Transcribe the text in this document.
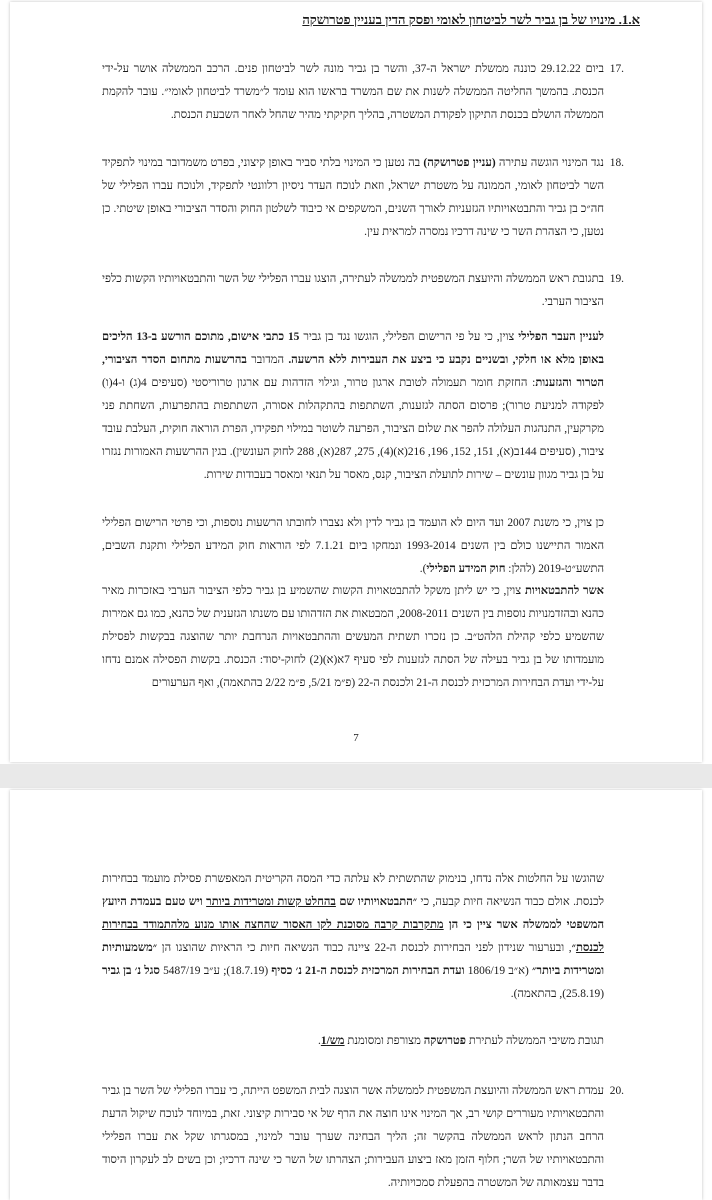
א.1. מינויו של בן גביר לשר לביטחון לאומי ופסק הדין בעניין פטרושקה
.17

ביום 29.12.22 כוננה ממשלת ישראל ה-37, והשר בן גביר מונה לשר לביטחון פנים. הרכב הממשלה אושר על-ידי הכנסת. בהמשך החליטה הממשלה לשנות את שם המשרד בראשו הוא עומד ל״משרד לביטחון לאומי״. עובר להקמת הממשלה הושלם בכנסת התיקון לפקודת המשטרה, בהליך חקיקתי מהיר שהחל לאחר השבעת הכנסת.

.18

נגד המינוי הוגשה עתירה (עניין פטרושקה) בה נטען כי המינוי בלתי סביר באופן קיצוני, בפרט משמדובר במינוי לתפקיד השר לביטחון לאומי, הממונה על משטרת ישראל, וזאת לנוכח העדר ניסיון רלוונטי לתפקיד, ולנוכח עברו הפלילי של חה״כ בן גביר והתבטאויותיו הגזעניות לאורך השנים, המשקפים אי כיבוד לשלטון החוק והסדר הציבורי באופן שיטתי. כן נטען, כי הצהרת השר כי שינה דרכיו נמסרה למראית עין.

.19

בתגובת ראש הממשלה והיועצת המשפטית לממשלה לעתירה, הוצגו עברו הפלילי של השר והתבטאויותיו הקשות כלפי הציבור הערבי.

לעניין העבר הפלילי צוין, כי על פי הרישום הפלילי, הוגשו נגד בן גביר 15 כתבי אישום, מתוכם הורשע ב-13 הליכים באופן מלא או חלקי, ובשניים נקבע כי ביצע את העבירות ללא הרשעה. המדובר בהרשעות מתחום הסדר הציבורי, הטרור והגזענות: החזקת חומר תעמולה לטובת ארגון טרור, וגילוי הזדהות עם ארגון טרוריסטי (סעיפים 4(ג) ו-4(ו) לפקודה למניעת טרור); פרסום הסתה לגזענות, השתתפות בהתקהלות אסורה, השתתפות בהתפרעות, השחתת פני מקרקעין, התנהגות העלולה להפר את שלום הציבור, הפרעה לשוטר במילוי תפקידו, הפרת הוראה חוקית, העלבת עובד ציבור, (סעיפים 144ב(א), 151, 152, 196, 216(א)(4), 275, 287(א), 288 לחוק העונשין). בגין ההרשעות האמורות נגזרו על בן גביר מגוון עונשים – שירות לתועלת הציבור, קנס, מאסר על תנאי ומאסר בעבודות שירות.

כן צוין, כי משנת 2007 ועד היום לא הועמד בן גביר לדין ולא נצברו לחובתו הרשעות נוספות, וכי פרטי הרישום הפלילי האמור התיישנו כולם בין השנים 1993-2014 ונמחקו ביום 7.1.21 לפי הוראות חוק המידע הפלילי ותקנת השבים, התשע״ט-2019 (להלן: חוק המידע הפלילי).

אשר להתבטאויות צוין, כי יש ליתן משקל להתבטאויות הקשות שהשמיע בן גביר כלפי הציבור הערבי באזכרות מאיר כהנא ובהזדמנויות נוספות בין השנים 2008-2011, המבטאות את הזדהותו עם משנתו הגזענית של כהנא, כמו גם אמירות שהשמיע כלפי קהילת הלהט״ב. כן נזכרו תשתית המעשים וההתבטאויות הנרחבת יותר שהוצגה בבקשות לפסילת מועמדותו של בן גביר בעילה של הסתה לגזענות לפי סעיף 7א(א)(2) לחוק-יסוד: הכנסת. בקשות הפסילה אמנם נדחו על-ידי ועדת הבחירות המרכזית לכנסת ה-21 ולכנסת ה-22 (פ״מ 5/21, פ״מ 2/22 בהתאמה), ואף הערעורים

7

שהוגשו על החלטות אלה נדחו, בנימוק שהתשתית לא עלתה כדי המסה הקריטית המאפשרת פסילת מועמד בבחירות לכנסת. אולם כבוד הנשיאה חיות קבעה, כי ״התבטאויותיו שם בהחלט קשות ומטרידות ביותר ויש טעם בעמדת היועץ המשפטי לממשלה אשר ציין כי הן מתקרבות קרבה מסוכנת לקו האסור שהחצה אותו מנוע מלהתמודד בבחירות לכנסת״, ובערעור שנידון לפני הבחירות לכנסת ה-22 ציינה כבוד הנשיאה חיות כי הראיות שהוצגו הן ״משמעותיות ומטרידות ביותר״ (א״ב 1806/19 ועדת הבחירות המרכזית לכנסת ה-21 נ׳ כסיף (18.7.19); ע״ב 5487/19 סגל נ׳ בן גביר (25.8.19), בהתאמה).

תגובת משיבי הממשלה לעתירת פטרושקה מצורפת ומסומנת מש/1.

.20

עמדת ראש הממשלה והיועצת המשפטית לממשלה אשר הוצגה לבית המשפט הייתה, כי עברו הפלילי של השר בן גביר והתבטאויותיו מעוררים קושי רב, אך המינוי אינו חוצה את הרף של אי סבירות קיצוני. זאת, במיוחד לנוכח שיקול הדעת הרחב הנתון לראש הממשלה בהקשר זה; הליך הבחינה שערך עובר למינוי, במסגרתו שקל את עברו הפלילי והתבטאויותיו של השר; חלוף הזמן מאז ביצוע העבירות; הצהרתו של השר כי שינה דרכיו; וכן בשים לב לעקרון היסוד בדבר עצמאותה של המשטרה בהפעלת סמכויותיה.
